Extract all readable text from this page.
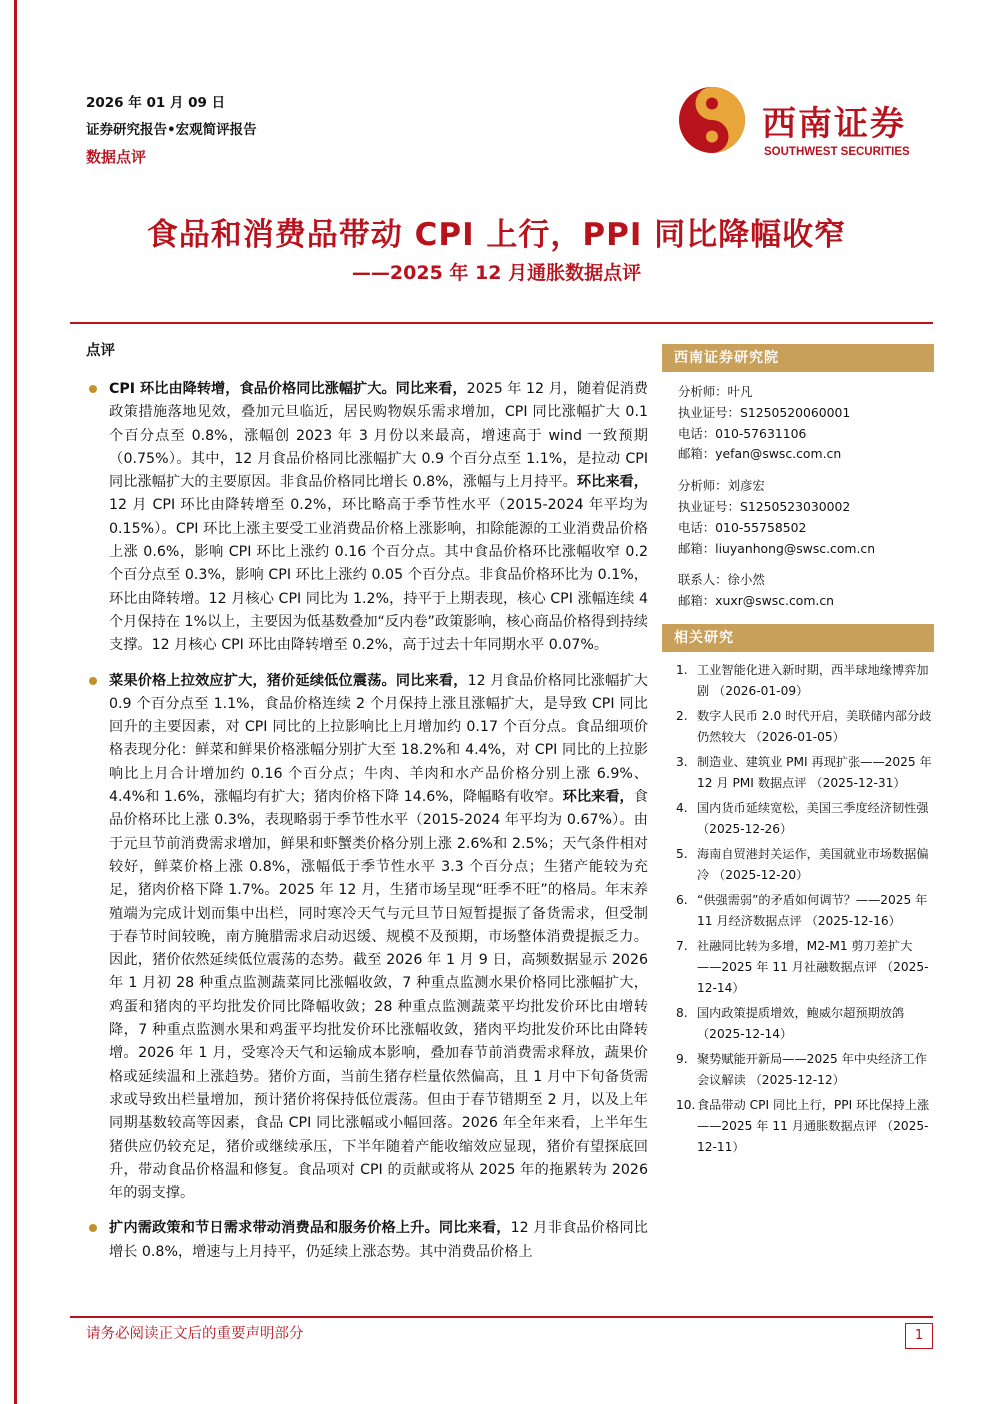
2026 年 01 月 09 日
证券研究报告•宏观简评报告
数据点评
西南证券
SOUTHWEST SECURITIES
食品和消费品带动 CPI 上行，PPI 同比降幅收窄
——2025 年 12 月通胀数据点评
点评
CPI 环比由降转增，食品价格同比涨幅扩大。同比来看，2025 年 12 月，随着促消费政策措施落地见效，叠加元旦临近，居民购物娱乐需求增加，CPI 同比涨幅扩大 0.1 个百分点至 0.8%，涨幅创 2023 年 3 月份以来最高，增速高于 wind 一致预期（0.75%）。其中，12 月食品价格同比涨幅扩大 0.9 个百分点至 1.1%，是拉动 CPI 同比涨幅扩大的主要原因。非食品价格同比增长 0.8%，涨幅与上月持平。环比来看，12 月 CPI 环比由降转增至 0.2%，环比略高于季节性水平（2015-2024 年平均为 0.15%）。CPI 环比上涨主要受工业消费品价格上涨影响，扣除能源的工业消费品价格上涨 0.6%，影响 CPI 环比上涨约 0.16 个百分点。其中食品价格环比涨幅收窄 0.2 个百分点至 0.3%，影响 CPI 环比上涨约 0.05 个百分点。非食品价格环比为 0.1%，环比由降转增。12 月核心 CPI 同比为 1.2%，持平于上期表现，核心 CPI 涨幅连续 4 个月保持在 1%以上，主要因为低基数叠加“反内卷”政策影响，核心商品价格得到持续支撑。12 月核心 CPI 环比由降转增至 0.2%，高于过去十年同期水平 0.07%。
菜果价格上拉效应扩大，猪价延续低位震荡。同比来看，12 月食品价格同比涨幅扩大 0.9 个百分点至 1.1%，食品价格连续 2 个月保持上涨且涨幅扩大，是导致 CPI 同比回升的主要因素，对 CPI 同比的上拉影响比上月增加约 0.17 个百分点。食品细项价格表现分化：鲜菜和鲜果价格涨幅分别扩大至 18.2%和 4.4%，对 CPI 同比的上拉影响比上月合计增加约 0.16 个百分点；牛肉、羊肉和水产品价格分别上涨 6.9%、4.4%和 1.6%，涨幅均有扩大；猪肉价格下降 14.6%，降幅略有收窄。环比来看，食品价格环比上涨 0.3%，表现略弱于季节性水平（2015-2024 年平均为 0.67%）。由于元旦节前消费需求增加，鲜果和虾蟹类价格分别上涨 2.6%和 2.5%；天气条件相对较好，鲜菜价格上涨 0.8%，涨幅低于季节性水平 3.3 个百分点；生猪产能较为充足，猪肉价格下降 1.7%。2025 年 12 月，生猪市场呈现“旺季不旺”的格局。年末养殖端为完成计划而集中出栏，同时寒冷天气与元旦节日短暂提振了备货需求，但受制于春节时间较晚，南方腌腊需求启动迟缓、规模不及预期，市场整体消费提振乏力。因此，猪价依然延续低位震荡的态势。截至 2026 年 1 月 9 日，高频数据显示 2026 年 1 月初 28 种重点监测蔬菜同比涨幅收敛，7 种重点监测水果价格同比涨幅扩大，鸡蛋和猪肉的平均批发价同比降幅收敛；28 种重点监测蔬菜平均批发价环比由增转降，7 种重点监测水果和鸡蛋平均批发价环比涨幅收敛，猪肉平均批发价环比由降转增。2026 年 1 月，受寒冷天气和运输成本影响，叠加春节前消费需求释放，蔬果价格或延续温和上涨趋势。猪价方面，当前生猪存栏量依然偏高，且 1 月中下旬备货需求或导致出栏量增加，预计猪价将保持低位震荡。但由于春节错期至 2 月，以及上年同期基数较高等因素，食品 CPI 同比涨幅或小幅回落。2026 年全年来看，上半年生猪供应仍较充足，猪价或继续承压，下半年随着产能收缩效应显现，猪价有望探底回升，带动食品价格温和修复。食品项对 CPI 的贡献或将从 2025 年的拖累转为 2026 年的弱支撑。
扩内需政策和节日需求带动消费品和服务价格上升。同比来看，12 月非食品价格同比增长 0.8%，增速与上月持平，仍延续上涨态势。其中消费品价格上
西南证券研究院
分析师：叶凡
执业证号：S1250520060001
电话：010-57631106
邮箱：yefan@swsc.com.cn
分析师：刘彦宏
执业证号：S1250523030002
电话：010-55758502
邮箱：liuyanhong@swsc.com.cn
联系人：徐小然
邮箱：xuxr@swsc.com.cn
相关研究
1. 工业智能化进入新时期，西半球地缘博弈加剧 （2026-01-09）
2. 数字人民币 2.0 时代开启，美联储内部分歧仍然较大 （2026-01-05）
3. 制造业、建筑业 PMI 再现扩张——2025 年 12 月 PMI 数据点评 （2025-12-31）
4. 国内货币延续宽松，美国三季度经济韧性强 （2025-12-26）
5. 海南自贸港封关运作，美国就业市场数据偏冷 （2025-12-20）
6. “供强需弱”的矛盾如何调节？——2025 年 11 月经济数据点评 （2025-12-16）
7. 社融同比转为多增，M2-M1 剪刀差扩大——2025 年 11 月社融数据点评 （2025-12-14）
8. 国内政策提质增效，鲍威尔超预期放鸽 （2025-12-14）
9. 聚势赋能开新局——2025 年中央经济工作会议解读 （2025-12-12）
10. 食品带动 CPI 同比上行，PPI 环比保持上涨——2025 年 11 月通胀数据点评 （2025-12-11）
请务必阅读正文后的重要声明部分	1
